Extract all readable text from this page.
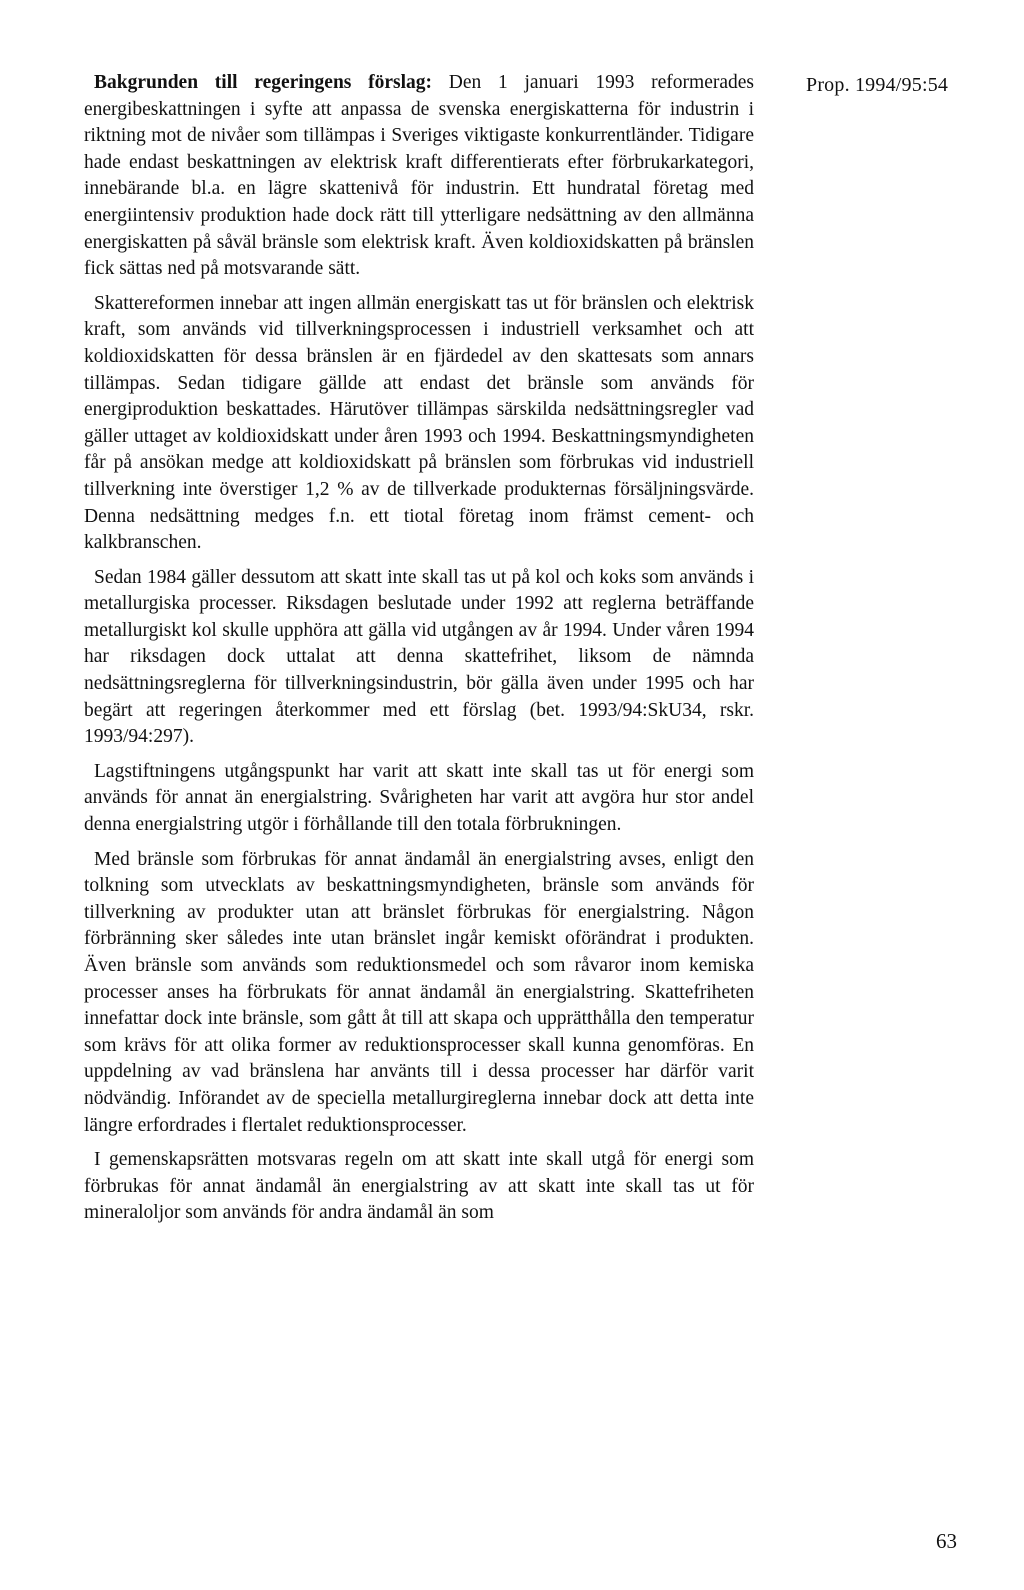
Prop. 1994/95:54

Bakgrunden till regeringens förslag: Den 1 januari 1993 reformerades energibeskattningen i syfte att anpassa de svenska energiskatterna för industrin i riktning mot de nivåer som tillämpas i Sveriges viktigaste konkurrentländer. Tidigare hade endast beskattningen av elektrisk kraft differentierats efter förbrukarkategori, innebärande bl.a. en lägre skattenivå för industrin. Ett hundratal företag med energiintensiv produktion hade dock rätt till ytterligare nedsättning av den allmänna energiskatten på såväl bränsle som elektrisk kraft. Även koldioxidskatten på bränslen fick sättas ned på motsvarande sätt.

Skattereformen innebar att ingen allmän energiskatt tas ut för bränslen och elektrisk kraft, som används vid tillverkningsprocessen i industriell verksamhet och att koldioxidskatten för dessa bränslen är en fjärdedel av den skattesats som annars tillämpas. Sedan tidigare gällde att endast det bränsle som används för energiproduktion beskattades. Härutöver tillämpas särskilda nedsättningsregler vad gäller uttaget av koldioxidskatt under åren 1993 och 1994. Beskattningsmyndigheten får på ansökan medge att koldioxidskatt på bränslen som förbrukas vid industriell tillverkning inte överstiger 1,2 % av de tillverkade produkternas försäljningsvärde. Denna nedsättning medges f.n. ett tiotal företag inom främst cement- och kalkbranschen.

Sedan 1984 gäller dessutom att skatt inte skall tas ut på kol och koks som används i metallurgiska processer. Riksdagen beslutade under 1992 att reglerna beträffande metallurgiskt kol skulle upphöra att gälla vid utgången av år 1994. Under våren 1994 har riksdagen dock uttalat att denna skattefrihet, liksom de nämnda nedsättningsreglerna för tillverkningsindustrin, bör gälla även under 1995 och har begärt att regeringen återkommer med ett förslag (bet. 1993/94:SkU34, rskr. 1993/94:297).

Lagstiftningens utgångspunkt har varit att skatt inte skall tas ut för energi som används för annat än energialstring. Svårigheten har varit att avgöra hur stor andel denna energialstring utgör i förhållande till den totala förbrukningen.

Med bränsle som förbrukas för annat ändamål än energialstring avses, enligt den tolkning som utvecklats av beskattningsmyndigheten, bränsle som används för tillverkning av produkter utan att bränslet förbrukas för energialstring. Någon förbränning sker således inte utan bränslet ingår kemiskt oförändrat i produkten. Även bränsle som används som reduktionsmedel och som råvaror inom kemiska processer anses ha förbrukats för annat ändamål än energialstring. Skattefriheten innefattar dock inte bränsle, som gått åt till att skapa och upprätthålla den temperatur som krävs för att olika former av reduktionsprocesser skall kunna genomföras. En uppdelning av vad bränslena har använts till i dessa processer har därför varit nödvändig. Införandet av de speciella metallurgireglerna innebar dock att detta inte längre erfordrades i flertalet reduktionsprocesser.

I gemenskapsrätten motsvaras regeln om att skatt inte skall utgå för energi som förbrukas för annat ändamål än energialstring av att skatt inte skall tas ut för mineraloljor som används för andra ändamål än som

63
